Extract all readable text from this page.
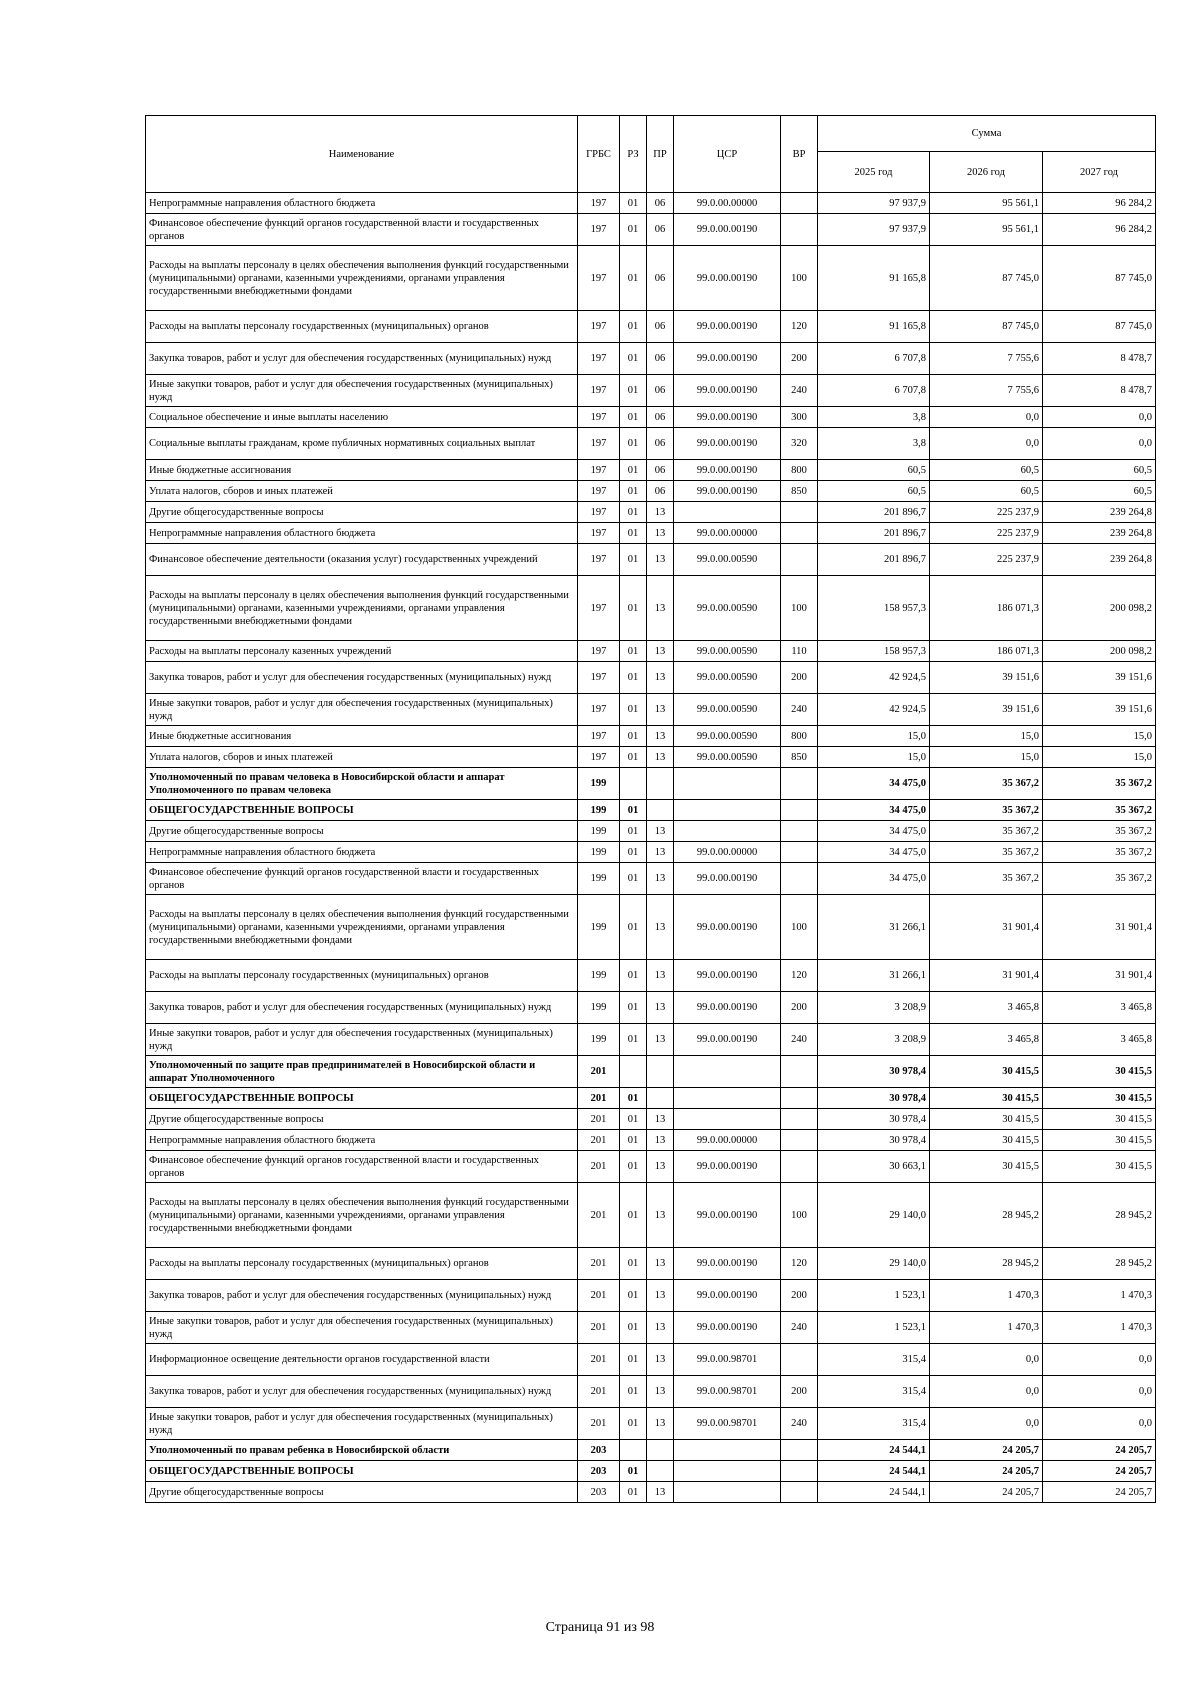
Наименование	ГРБС	РЗ	ПР	ЦСР	ВР	Сумма		
						2025 год	2026 год	2027 год
Непрограммные направления областного бюджета	197	01	06	99.0.00.00000		97 937,9	95 561,1	96 284,2
Финансовое обеспечение функций органов государственной власти и государственных органов	197	01	06	99.0.00.00190		97 937,9	95 561,1	96 284,2
Расходы на выплаты персоналу в целях обеспечения выполнения функций государственными (муниципальными) органами, казенными учреждениями, органами управления государственными внебюджетными фондами	197	01	06	99.0.00.00190	100	91 165,8	87 745,0	87 745,0
Расходы на выплаты персоналу государственных (муниципальных) органов	197	01	06	99.0.00.00190	120	91 165,8	87 745,0	87 745,0
Закупка товаров, работ и услуг для обеспечения государственных (муниципальных) нужд	197	01	06	99.0.00.00190	200	6 707,8	7 755,6	8 478,7
Иные закупки товаров, работ и услуг для обеспечения государственных (муниципальных) нужд	197	01	06	99.0.00.00190	240	6 707,8	7 755,6	8 478,7
Социальное обеспечение и иные выплаты населению	197	01	06	99.0.00.00190	300	3,8	0,0	0,0
Социальные выплаты гражданам, кроме публичных нормативных социальных выплат	197	01	06	99.0.00.00190	320	3,8	0,0	0,0
Иные бюджетные ассигнования	197	01	06	99.0.00.00190	800	60,5	60,5	60,5
Уплата налогов, сборов и иных платежей	197	01	06	99.0.00.00190	850	60,5	60,5	60,5
Другие общегосударственные вопросы	197	01	13			201 896,7	225 237,9	239 264,8
Непрограммные направления областного бюджета	197	01	13	99.0.00.00000		201 896,7	225 237,9	239 264,8
Финансовое обеспечение деятельности (оказания услуг) государственных учреждений	197	01	13	99.0.00.00590		201 896,7	225 237,9	239 264,8
Расходы на выплаты персоналу в целях обеспечения выполнения функций государственными (муниципальными) органами, казенными учреждениями, органами управления государственными внебюджетными фондами	197	01	13	99.0.00.00590	100	158 957,3	186 071,3	200 098,2
Расходы на выплаты персоналу казенных учреждений	197	01	13	99.0.00.00590	110	158 957,3	186 071,3	200 098,2
Закупка товаров, работ и услуг для обеспечения государственных (муниципальных) нужд	197	01	13	99.0.00.00590	200	42 924,5	39 151,6	39 151,6
Иные закупки товаров, работ и услуг для обеспечения государственных (муниципальных) нужд	197	01	13	99.0.00.00590	240	42 924,5	39 151,6	39 151,6
Иные бюджетные ассигнования	197	01	13	99.0.00.00590	800	15,0	15,0	15,0
Уплата налогов, сборов и иных платежей	197	01	13	99.0.00.00590	850	15,0	15,0	15,0
Уполномоченный по правам человека в Новосибирской области и аппарат Уполномоченного по правам человека	199					34 475,0	35 367,2	35 367,2
ОБЩЕГОСУДАРСТВЕННЫЕ ВОПРОСЫ	199	01				34 475,0	35 367,2	35 367,2
Другие общегосударственные вопросы	199	01	13			34 475,0	35 367,2	35 367,2
Непрограммные направления областного бюджета	199	01	13	99.0.00.00000		34 475,0	35 367,2	35 367,2
Финансовое обеспечение функций органов государственной власти и государственных органов	199	01	13	99.0.00.00190		34 475,0	35 367,2	35 367,2
Расходы на выплаты персоналу в целях обеспечения выполнения функций государственными (муниципальными) органами, казенными учреждениями, органами управления государственными внебюджетными фондами	199	01	13	99.0.00.00190	100	31 266,1	31 901,4	31 901,4
Расходы на выплаты персоналу государственных (муниципальных) органов	199	01	13	99.0.00.00190	120	31 266,1	31 901,4	31 901,4
Закупка товаров, работ и услуг для обеспечения государственных (муниципальных) нужд	199	01	13	99.0.00.00190	200	3 208,9	3 465,8	3 465,8
Иные закупки товаров, работ и услуг для обеспечения государственных (муниципальных) нужд	199	01	13	99.0.00.00190	240	3 208,9	3 465,8	3 465,8
Уполномоченный по защите прав предпринимателей в Новосибирской области и аппарат Уполномоченного	201					30 978,4	30 415,5	30 415,5
ОБЩЕГОСУДАРСТВЕННЫЕ ВОПРОСЫ	201	01				30 978,4	30 415,5	30 415,5
Другие общегосударственные вопросы	201	01	13			30 978,4	30 415,5	30 415,5
Непрограммные направления областного бюджета	201	01	13	99.0.00.00000		30 978,4	30 415,5	30 415,5
Финансовое обеспечение функций органов государственной власти и государственных органов	201	01	13	99.0.00.00190		30 663,1	30 415,5	30 415,5
Расходы на выплаты персоналу в целях обеспечения выполнения функций государственными (муниципальными) органами, казенными учреждениями, органами управления государственными внебюджетными фондами	201	01	13	99.0.00.00190	100	29 140,0	28 945,2	28 945,2
Расходы на выплаты персоналу государственных (муниципальных) органов	201	01	13	99.0.00.00190	120	29 140,0	28 945,2	28 945,2
Закупка товаров, работ и услуг для обеспечения государственных (муниципальных) нужд	201	01	13	99.0.00.00190	200	1 523,1	1 470,3	1 470,3
Иные закупки товаров, работ и услуг для обеспечения государственных (муниципальных) нужд	201	01	13	99.0.00.00190	240	1 523,1	1 470,3	1 470,3
Информационное освещение деятельности органов государственной власти	201	01	13	99.0.00.98701		315,4	0,0	0,0
Закупка товаров, работ и услуг для обеспечения государственных (муниципальных) нужд	201	01	13	99.0.00.98701	200	315,4	0,0	0,0
Иные закупки товаров, работ и услуг для обеспечения государственных (муниципальных) нужд	201	01	13	99.0.00.98701	240	315,4	0,0	0,0
Уполномоченный по правам ребенка в Новосибирской области	203					24 544,1	24 205,7	24 205,7
ОБЩЕГОСУДАРСТВЕННЫЕ ВОПРОСЫ	203	01				24 544,1	24 205,7	24 205,7
Другие общегосударственные вопросы	203	01	13			24 544,1	24 205,7	24 205,7
Страница 91 из 98
